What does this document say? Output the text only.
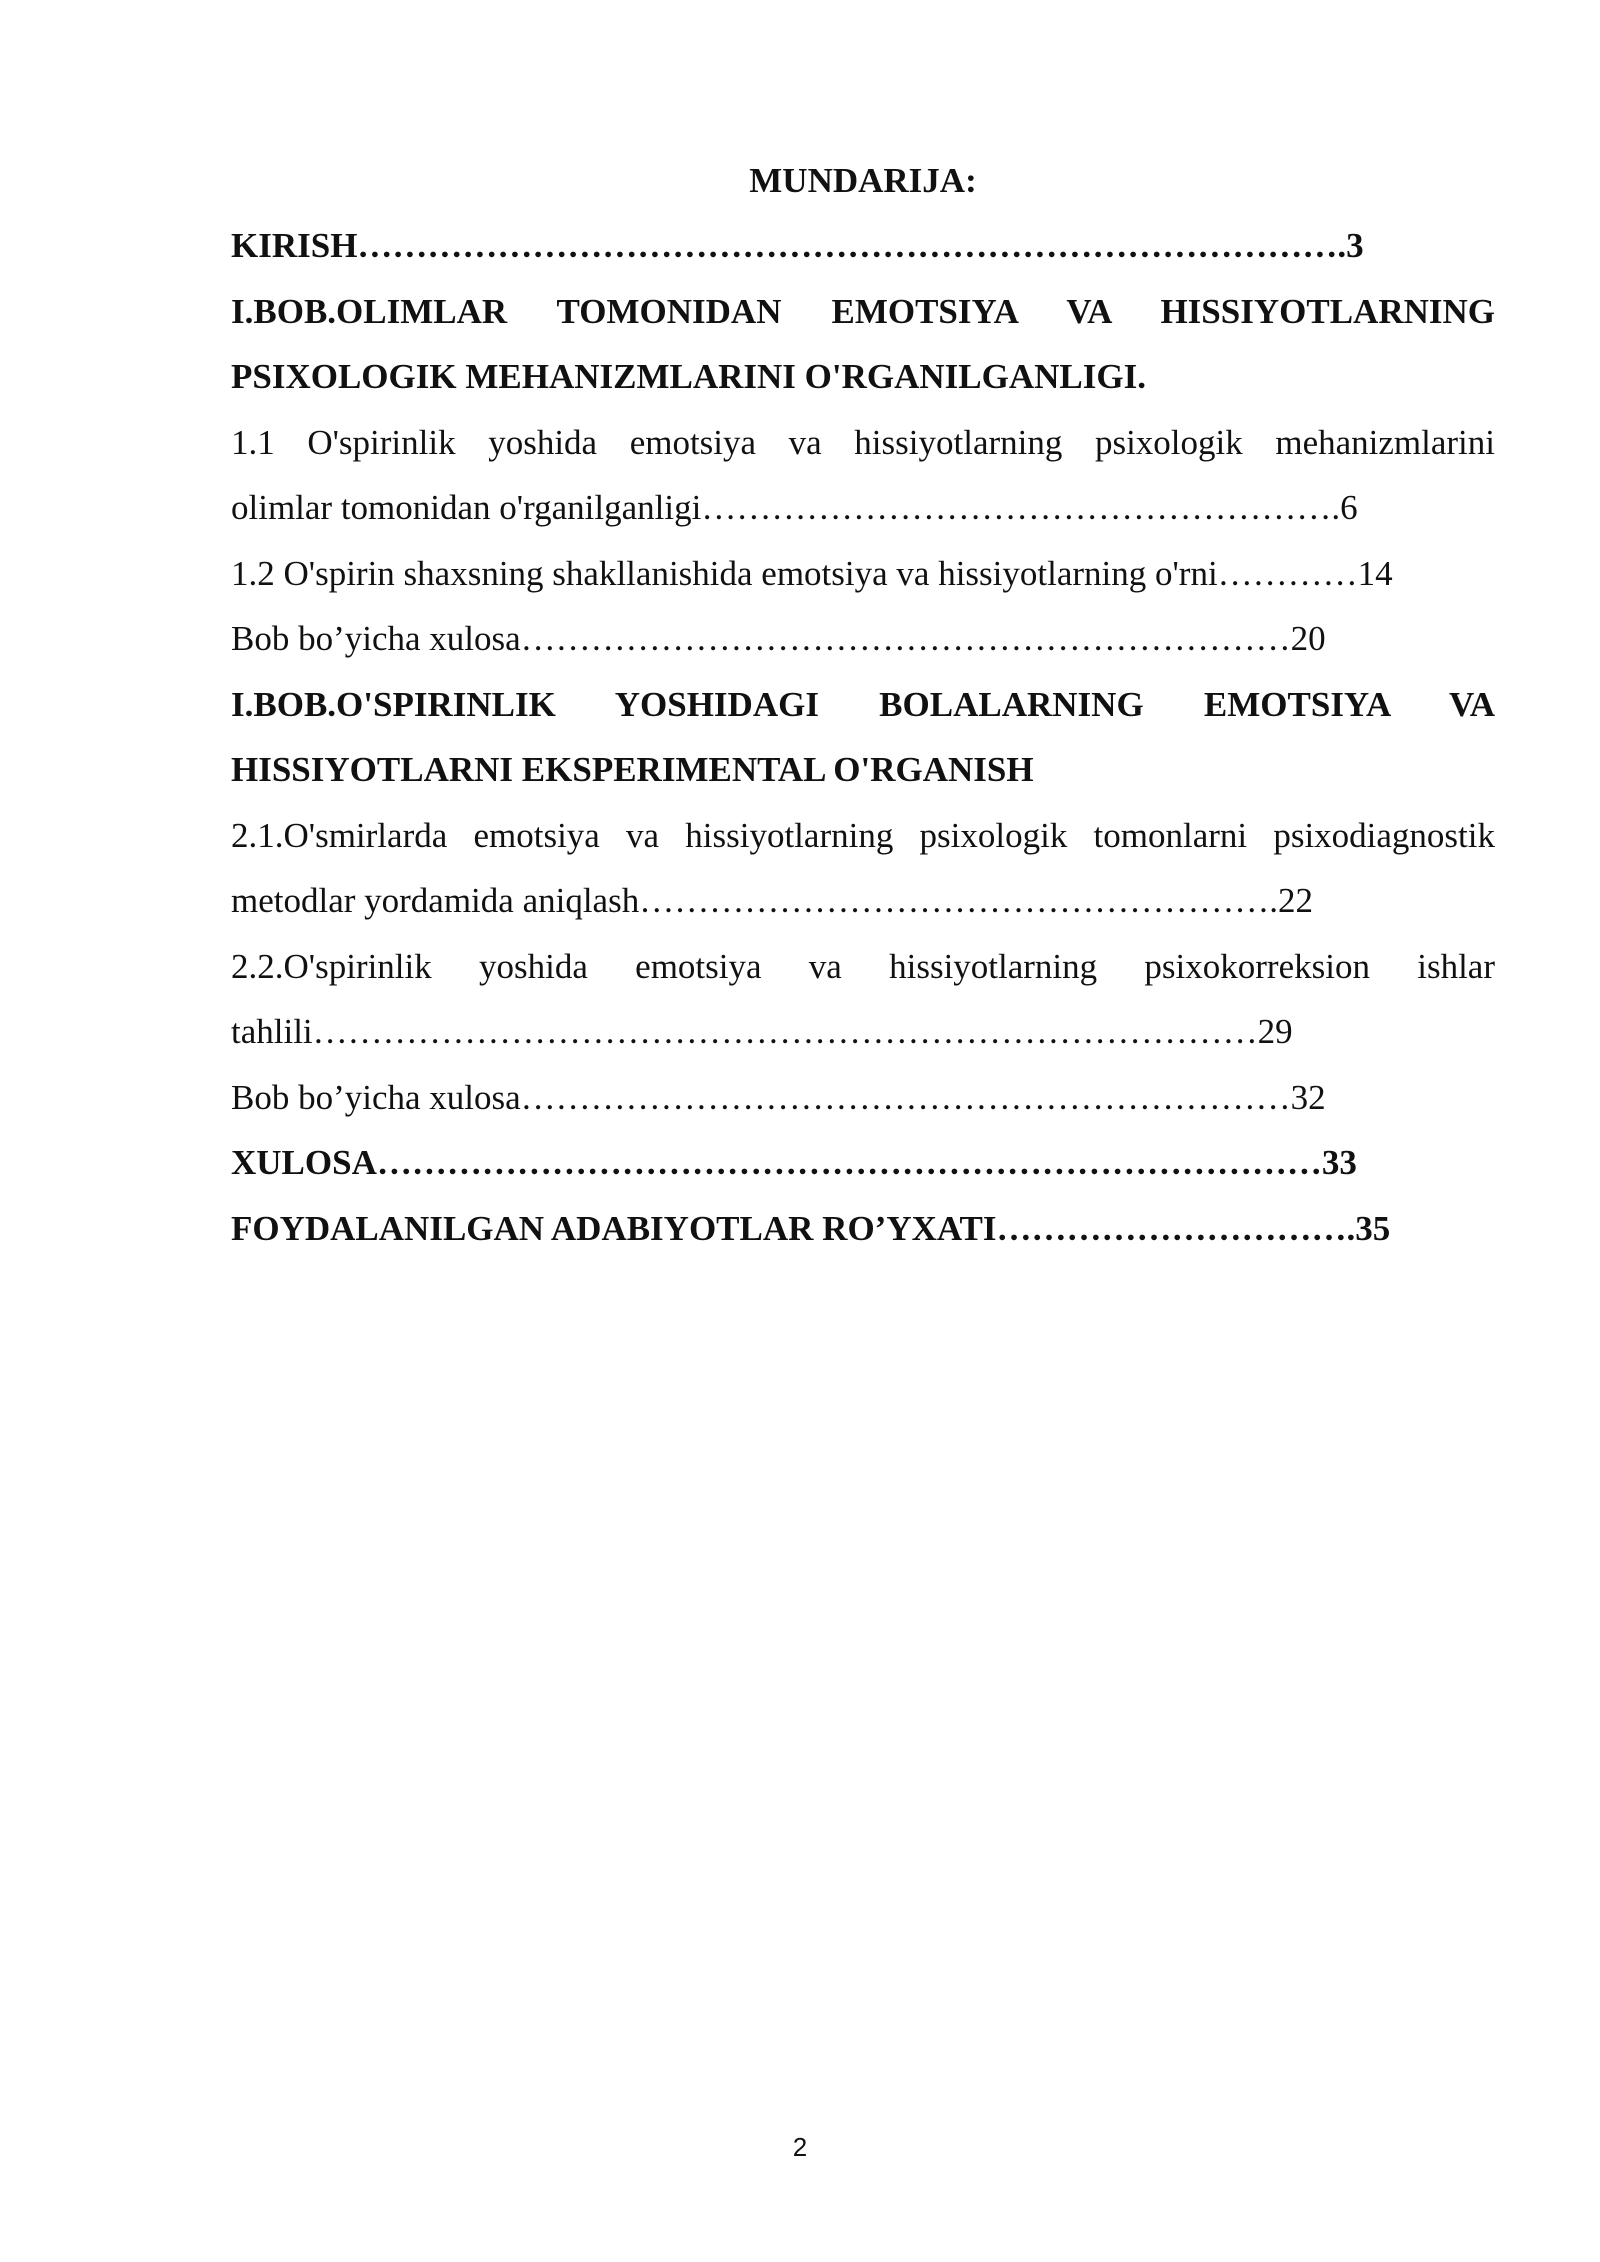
MUNDARIJA:

KIRISH………………………………………………………………………….3

I.BOB.OLIMLAR TOMONIDAN EMOTSIYA VA HISSIYOTLARNING

PSIXOLOGIK MEHANIZMLARINI O'RGANILGANLIGI.

1.1 O'spirinlik yoshida emotsiya va hissiyotlarning psixologik mehanizmlarini

olimlar tomonidan o'rganilganligi……………………………………………….6

1.2 O'spirin shaxsning shakllanishida emotsiya va hissiyotlarning o'rni…………14

Bob bo’yicha xulosa…………………………………………………………20

I.BOB.O'SPIRINLIK YOSHIDAGI BOLALARNING EMOTSIYA VA

HISSIYOTLARNI EKSPERIMENTAL O'RGANISH

2.1.O'smirlarda emotsiya va hissiyotlarning psixologik tomonlarni psixodiagnostik

metodlar yordamida aniqlash……………………………………………….22

2.2.O'spirinlik yoshida emotsiya va hissiyotlarning psixokorreksion ishlar

tahlili………………………………………………………………………29

Bob bo’yicha xulosa…………………………………………………………32

XULOSA………………………………………………………………………33

FOYDALANILGAN ADABIYOTLAR RO’YXATI………………………….35

2
